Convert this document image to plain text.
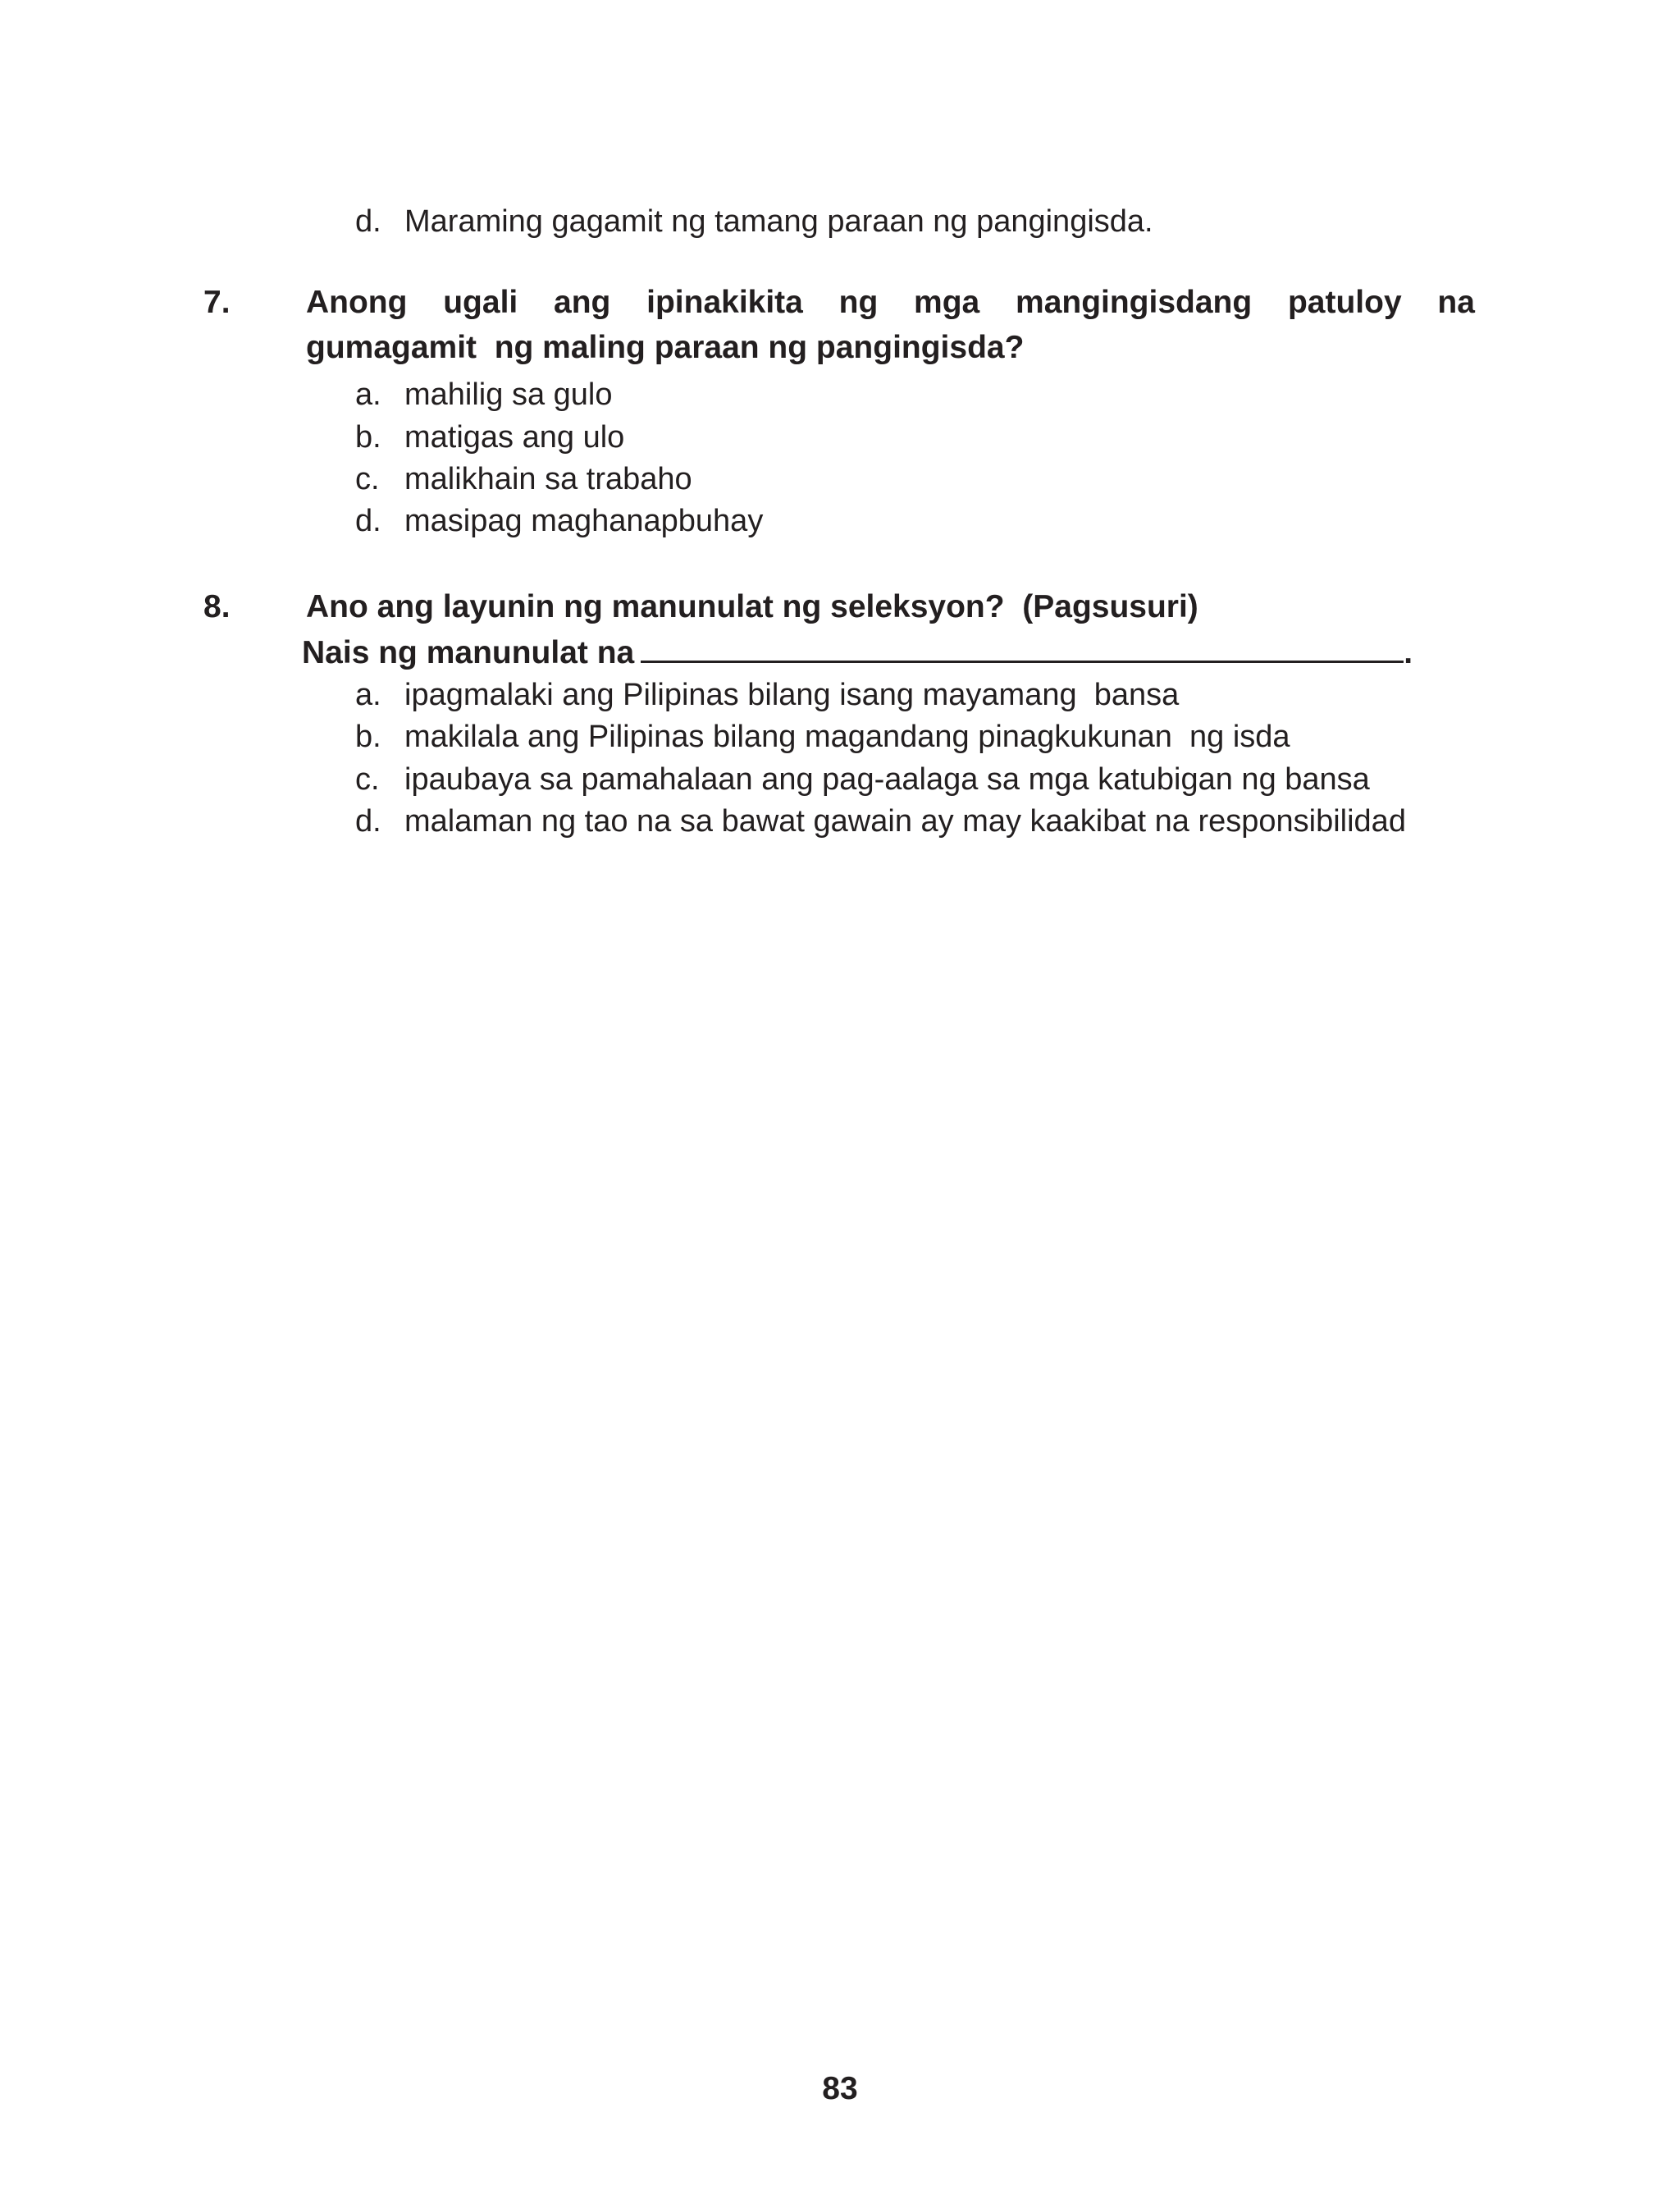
d. Maraming gagamit ng tamang paraan ng pangingisda.
7. Anong ugali ang ipinakikita ng mga mangingisdang patuloy na
gumagamit  ng maling paraan ng pangingisda?
a. mahilig sa gulo
b. matigas ang ulo
c. malikhain sa trabaho
d. masipag maghanapbuhay
8. Ano ang layunin ng manunulat ng seleksyon?  (Pagsusuri)
Nais ng manunulat na	.
a. ipagmalaki ang Pilipinas bilang isang mayamang  bansa
b. makilala ang Pilipinas bilang magandang pinagkukunan  ng isda
c. ipaubaya sa pamahalaan ang pag-aalaga sa mga katubigan ng bansa
d. malaman ng tao na sa bawat gawain ay may kaakibat na responsibilidad
83
